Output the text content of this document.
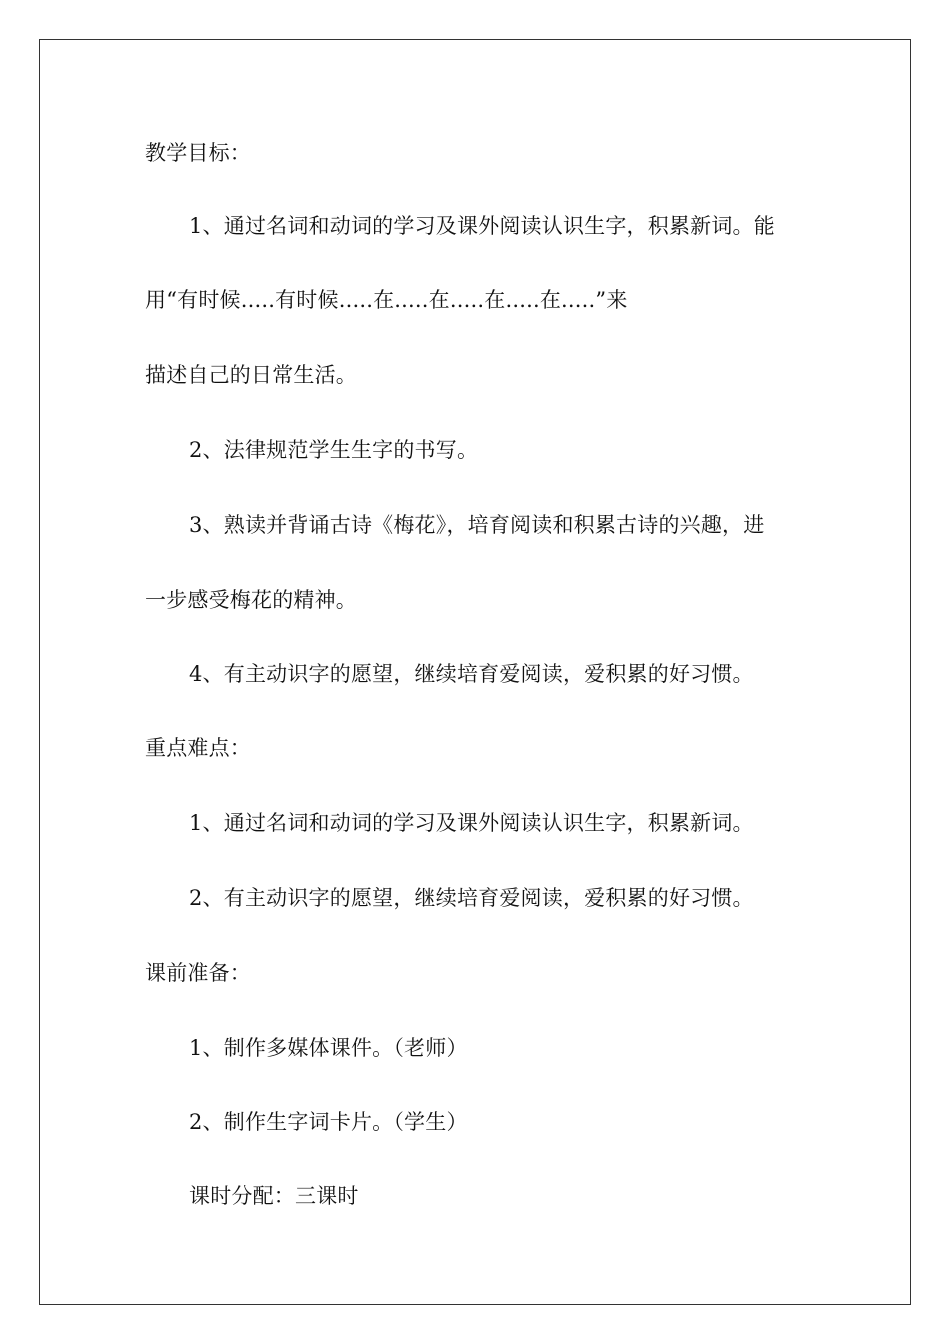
教学目标：
1、通过名词和动词的学习及课外阅读认识生字，积累新词。能
用“有时候.....有时候.....在.....在.....在.....在.....”来
描述自己的日常生活。
2、法律规范学生生字的书写。
3、熟读并背诵古诗《梅花》，培育阅读和积累古诗的兴趣，进
一步感受梅花的精神。
4、有主动识字的愿望，继续培育爱阅读，爱积累的好习惯。
重点难点：
1、通过名词和动词的学习及课外阅读认识生字，积累新词。
2、有主动识字的愿望，继续培育爱阅读，爱积累的好习惯。
课前准备：
1、制作多媒体课件。（老师）
2、制作生字词卡片。（学生）
课时分配：三课时
